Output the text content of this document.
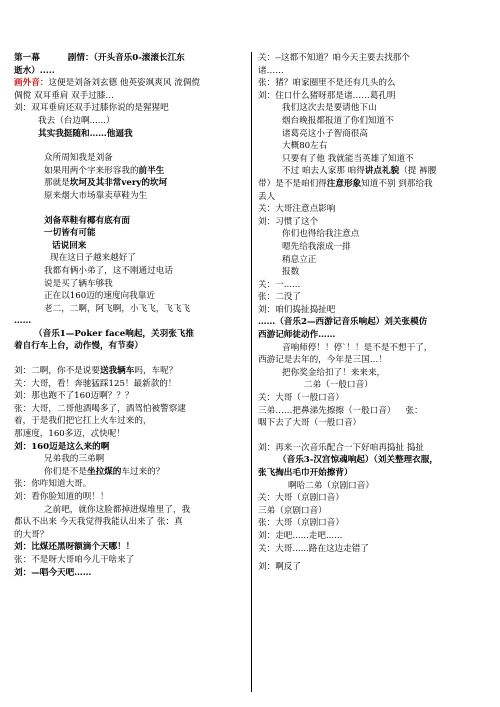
第一幕	剧情：（开头音乐0-滚滚长江东
逝水）.....
画外音：这便是刘备刘玄德 他英姿飒爽风 流倜傥
倜傥 双耳垂肩 双手过膝…
刘：双耳垂肩还双手过膝你说的是猩猩吧
我去（台边啊......）
其实我挺随和……他逼我
众所周知我是刘备
如果用两个字来形容我的前半生
那就是坎坷及其非常very的坎坷
原来烟大市场靠卖草鞋为生
刘备草鞋有椰有底有面
一切皆有可能
话说回来
现在这日子越来越好了
我都有俩小弟了，这不刚通过电话
说是买了辆车够我
正在以160迈的速度向我靠近
老二，二啊，阿飞啊，小飞飞，飞飞飞
……
（音乐1—Poker face响起，关羽张飞推
着自行车上台，动作慢，有节奏）
刘：二啊，你不是说要送我辆车吗，车呢？
关：大哥，看！奔驰猛踩125！最新款的！
刘：那也跑不了160迈啊？？？
张：大哥，二哥他酒喝多了，酒驾怕被警察逮
着，于是我们把它扛上火车过来的，
那速度，160多迈，忒快呢！
刘：160迈是这么来的啊
兄弟我的三弟啊
你们是不是坐拉煤的车过来的？
张：你咋知道大哥。
刘：看你脸知道的呗！！
之前吧，就你这脸都掉进煤堆里了，我
都认不出来 今天我觉得我能认出来了 张：真
的大哥？
刘：比煤还黑呀额滴个天哪！！
张：不是呀大哥咱今儿干啥来了
刘：—唱今天吧……
关：--这都不知道？咱今天主要去找那个
诸……
张：猪？咱家圈里不是还有几头的么
刘：住口什么猪呀那是诸……葛孔明
我们这次去是要请他下山
烟台晚报都报道了你们知道不
诸葛亮这小子智商很高
大概80左右
只要有了他 我就能当英雄了知道不
不过 咱去人家那 咱得讲点礼貌（提 裤腰
带）是不是咱们得注意形象知道不别 到那给我
丢人
关：大哥注意点影响
刘：习惯了这个
你们也得给我注意点
嗯先给我滚成一排
稍息立正
报数
关：一......
张：二没了
刘：咱们捣扯捣扯吧
……（音乐2—西游记音乐响起）刘关张模仿
西游记师徒动作……
音响师停！！停`！！是不是不想干了，
西游记是去年的，今年是三国…！
把你奖金给扣了！来来来，
二弟（一般口音）
关：大哥（一般口音）
三弟……把鼻涕先擦擦（一般口音） 张：
咽下去了大哥（一般口音）
刘：再来一次音乐配合一下好咱再捣扯 捣扯
（音乐3-汉宫惊魂响起）（刘关整理衣服，
张飞掏出毛巾开始擦背）
啊哈二弟（京剧口音）
关：大哥（京剧口音）
三弟（京剧口音）
张：大哥（京剧口音）
刘：走吧......走吧......
关：大哥......路在这边走错了
刘：啊反了
